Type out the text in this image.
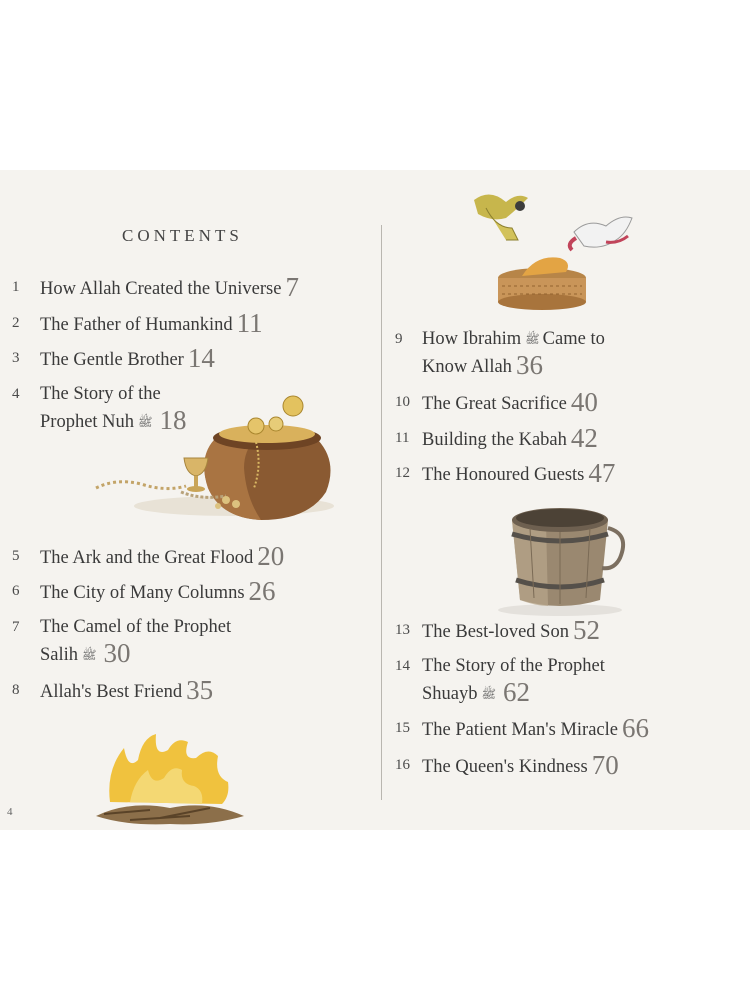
CONTENTS
1 How Allah Created the Universe 7
2 The Father of Humankind 11
3 The Gentle Brother 14
4 The Story of the
Prophet Nuh ﷺ 18
5 The Ark and the Great Flood 20
6 The City of Many Columns 26
7 The Camel of the Prophet
Salih ﷺ 30
8 Allah's Best Friend 35
9 How Ibrahim ﷺ Came to
Know Allah 36
10 The Great Sacrifice 40
11 Building the Kabah 42
12 The Honoured Guests 47
13 The Best-loved Son 52
14 The Story of the Prophet
Shuayb ﷺ 62
15 The Patient Man's Miracle 66
16 The Queen's Kindness 70
4
